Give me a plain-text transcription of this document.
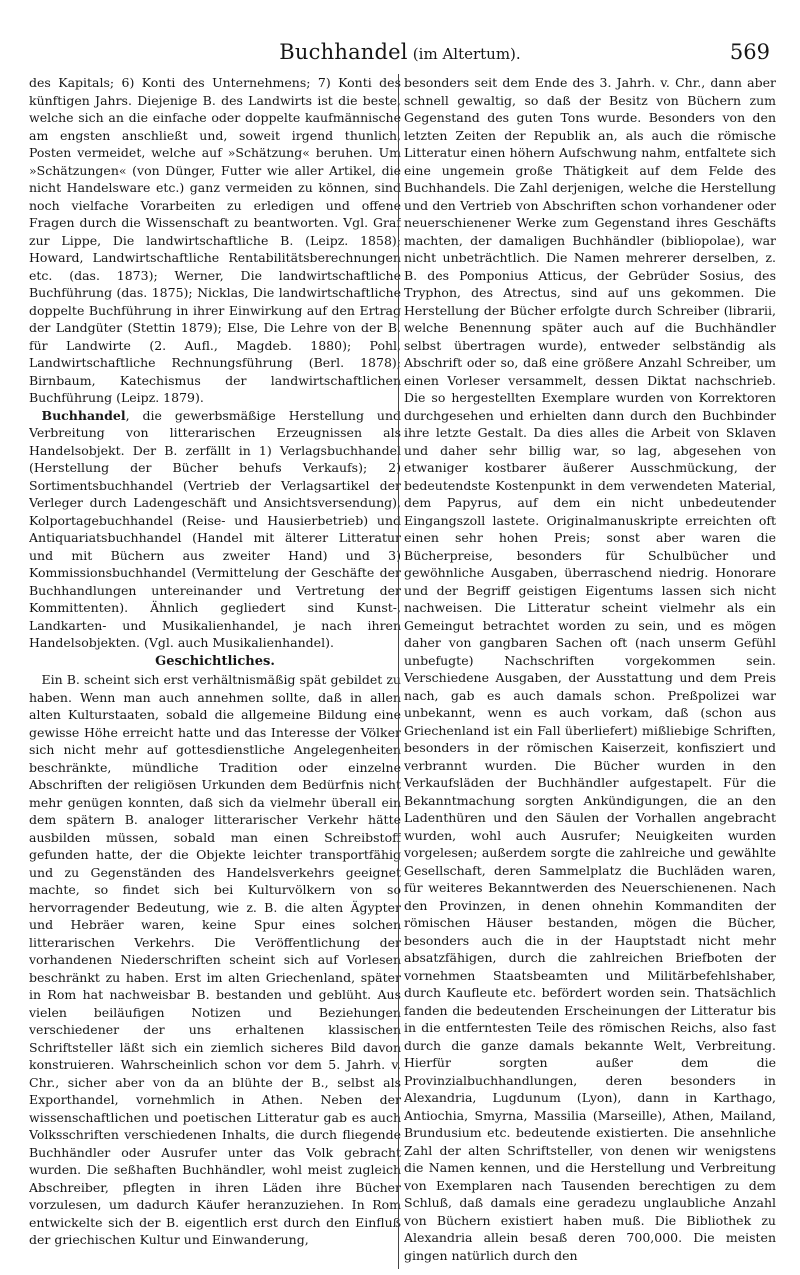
Buchhandel (im Altertum).	569

des Kapitals; 6) Konti des Unternehmens; 7) Konti des künftigen Jahrs. Diejenige B. des Landwirts ist die beste, welche sich an die einfache oder doppelte kaufmännische am engsten anschließt und, soweit irgend thunlich, Posten vermeidet, welche auf »Schätzung« beruhen. Um »Schätzungen« (von Dünger, Futter wie aller Artikel, die nicht Handelsware etc.) ganz vermeiden zu können, sind noch vielfache Vorarbeiten zu erledigen und offene Fragen durch die Wissenschaft zu beantworten. Vgl. Graf zur Lippe, Die landwirtschaftliche B. (Leipz. 1858); Howard, Landwirtschaftliche Rentabilitätsberechnungen etc. (das. 1873); Werner, Die landwirtschaftliche Buchführung (das. 1875); Nicklas, Die landwirtschaftliche doppelte Buchführung in ihrer Einwirkung auf den Ertrag der Landgüter (Stettin 1879); Else, Die Lehre von der B. für Landwirte (2. Aufl., Magdeb. 1880); Pohl, Landwirtschaftliche Rechnungsführung (Berl. 1878); Birnbaum, Katechismus der landwirtschaftlichen Buchführung (Leipz. 1879).

Buchhandel, die gewerbsmäßige Herstellung und Verbreitung von litterarischen Erzeugnissen als Handelsobjekt. Der B. zerfällt in 1) Verlagsbuchhandel (Herstellung der Bücher behufs Verkaufs); 2) Sortimentsbuchhandel (Vertrieb der Verlagsartikel der Verleger durch Ladengeschäft und Ansichtsversendung), Kolportagebuchhandel (Reise- und Hausierbetrieb) und Antiquariatsbuchhandel (Handel mit älterer Litteratur und mit Büchern aus zweiter Hand) und 3) Kommissionsbuchhandel (Vermittelung der Geschäfte der Buchhandlungen untereinander und Vertretung der Kommittenten). Ähnlich gegliedert sind Kunst-, Landkarten- und Musikalienhandel, je nach ihren Handelsobjekten. (Vgl. auch Musikalienhandel).

Geschichtliches.

Ein B. scheint sich erst verhältnismäßig spät gebildet zu haben. Wenn man auch annehmen sollte, daß in allen alten Kulturstaaten, sobald die allgemeine Bildung eine gewisse Höhe erreicht hatte und das Interesse der Völker sich nicht mehr auf gottesdienstliche Angelegenheiten beschränkte, mündliche Tradition oder einzelne Abschriften der religiösen Urkunden dem Bedürfnis nicht mehr genügen konnten, daß sich da vielmehr überall ein dem spätern B. analoger litterarischer Verkehr hätte ausbilden müssen, sobald man einen Schreibstoff gefunden hatte, der die Objekte leichter transportfähig und zu Gegenständen des Handelsverkehrs geeignet machte, so findet sich bei Kulturvölkern von so hervorragender Bedeutung, wie z. B. die alten Ägypter und Hebräer waren, keine Spur eines solchen litterarischen Verkehrs. Die Veröffentlichung der vorhandenen Niederschriften scheint sich auf Vorlesen beschränkt zu haben. Erst im alten Griechenland, später in Rom hat nachweisbar B. bestanden und geblüht. Aus vielen beiläufigen Notizen und Beziehungen verschiedener der uns erhaltenen klassischen Schriftsteller läßt sich ein ziemlich sicheres Bild davon konstruieren. Wahrscheinlich schon vor dem 5. Jahrh. v. Chr., sicher aber von da an blühte der B., selbst als Exporthandel, vornehmlich in Athen. Neben der wissenschaftlichen und poetischen Litteratur gab es auch Volksschriften verschiedenen Inhalts, die durch fliegende Buchhändler oder Ausrufer unter das Volk gebracht wurden. Die seßhaften Buchhändler, wohl meist zugleich Abschreiber, pflegten in ihren Läden ihre Bücher vorzulesen, um dadurch Käufer heranzuziehen. In Rom entwickelte sich der B. eigentlich erst durch den Einfluß der griechischen Kultur und Einwanderung,

besonders seit dem Ende des 3. Jahrh. v. Chr., dann aber schnell gewaltig, so daß der Besitz von Büchern zum Gegenstand des guten Tons wurde. Besonders von den letzten Zeiten der Republik an, als auch die römische Litteratur einen höhern Aufschwung nahm, entfaltete sich eine ungemein große Thätigkeit auf dem Felde des Buchhandels. Die Zahl derjenigen, welche die Herstellung und den Vertrieb von Abschriften schon vorhandener oder neuerschienener Werke zum Gegenstand ihres Geschäfts machten, der damaligen Buchhändler (bibliopolae), war nicht unbeträchtlich. Die Namen mehrerer derselben, z. B. des Pomponius Atticus, der Gebrüder Sosius, des Tryphon, des Atrectus, sind auf uns gekommen. Die Herstellung der Bücher erfolgte durch Schreiber (librarii, welche Benennung später auch auf die Buchhändler selbst übertragen wurde), entweder selbständig als Abschrift oder so, daß eine größere Anzahl Schreiber, um einen Vorleser versammelt, dessen Diktat nachschrieb. Die so hergestellten Exemplare wurden von Korrektoren durchgesehen und erhielten dann durch den Buchbinder ihre letzte Gestalt. Da dies alles die Arbeit von Sklaven und daher sehr billig war, so lag, abgesehen von etwaniger kostbarer äußerer Ausschmückung, der bedeutendste Kostenpunkt in dem verwendeten Material, dem Papyrus, auf dem ein nicht unbedeutender Eingangszoll lastete. Originalmanuskripte erreichten oft einen sehr hohen Preis; sonst aber waren die Bücherpreise, besonders für Schulbücher und gewöhnliche Ausgaben, überraschend niedrig. Honorare und der Begriff geistigen Eigentums lassen sich nicht nachweisen. Die Litteratur scheint vielmehr als ein Gemeingut betrachtet worden zu sein, und es mögen daher von gangbaren Sachen oft (nach unserm Gefühl unbefugte) Nachschriften vorgekommen sein. Verschiedene Ausgaben, der Ausstattung und dem Preis nach, gab es auch damals schon. Preßpolizei war unbekannt, wenn es auch vorkam, daß (schon aus Griechenland ist ein Fall überliefert) mißliebige Schriften, besonders in der römischen Kaiserzeit, konfisziert und verbrannt wurden. Die Bücher wurden in den Verkaufsläden der Buchhändler aufgestapelt. Für die Bekanntmachung sorgten Ankündigungen, die an den Ladenthüren und den Säulen der Vorhallen angebracht wurden, wohl auch Ausrufer; Neuigkeiten wurden vorgelesen; außerdem sorgte die zahlreiche und gewählte Gesellschaft, deren Sammelplatz die Buchläden waren, für weiteres Bekanntwerden des Neuerschienenen. Nach den Provinzen, in denen ohnehin Kommanditen der römischen Häuser bestanden, mögen die Bücher, besonders auch die in der Hauptstadt nicht mehr absatzfähigen, durch die zahlreichen Briefboten der vornehmen Staatsbeamten und Militärbefehlshaber, durch Kaufleute etc. befördert worden sein. Thatsächlich fanden die bedeutenden Erscheinungen der Litteratur bis in die entferntesten Teile des römischen Reichs, also fast durch die ganze damals bekannte Welt, Verbreitung. Hierfür sorgten außer dem die Provinzialbuchhandlungen, deren besonders in Alexandria, Lugdunum (Lyon), dann in Karthago, Antiochia, Smyrna, Massilia (Marseille), Athen, Mailand, Brundusium etc. bedeutende existierten. Die ansehnliche Zahl der alten Schriftsteller, von denen wir wenigstens die Namen kennen, und die Herstellung und Verbreitung von Exemplaren nach Tausenden berechtigen zu dem Schluß, daß damals eine geradezu unglaubliche Anzahl von Büchern existiert haben muß. Die Bibliothek zu Alexandria allein besaß deren 700,000. Die meisten gingen natürlich durch den
